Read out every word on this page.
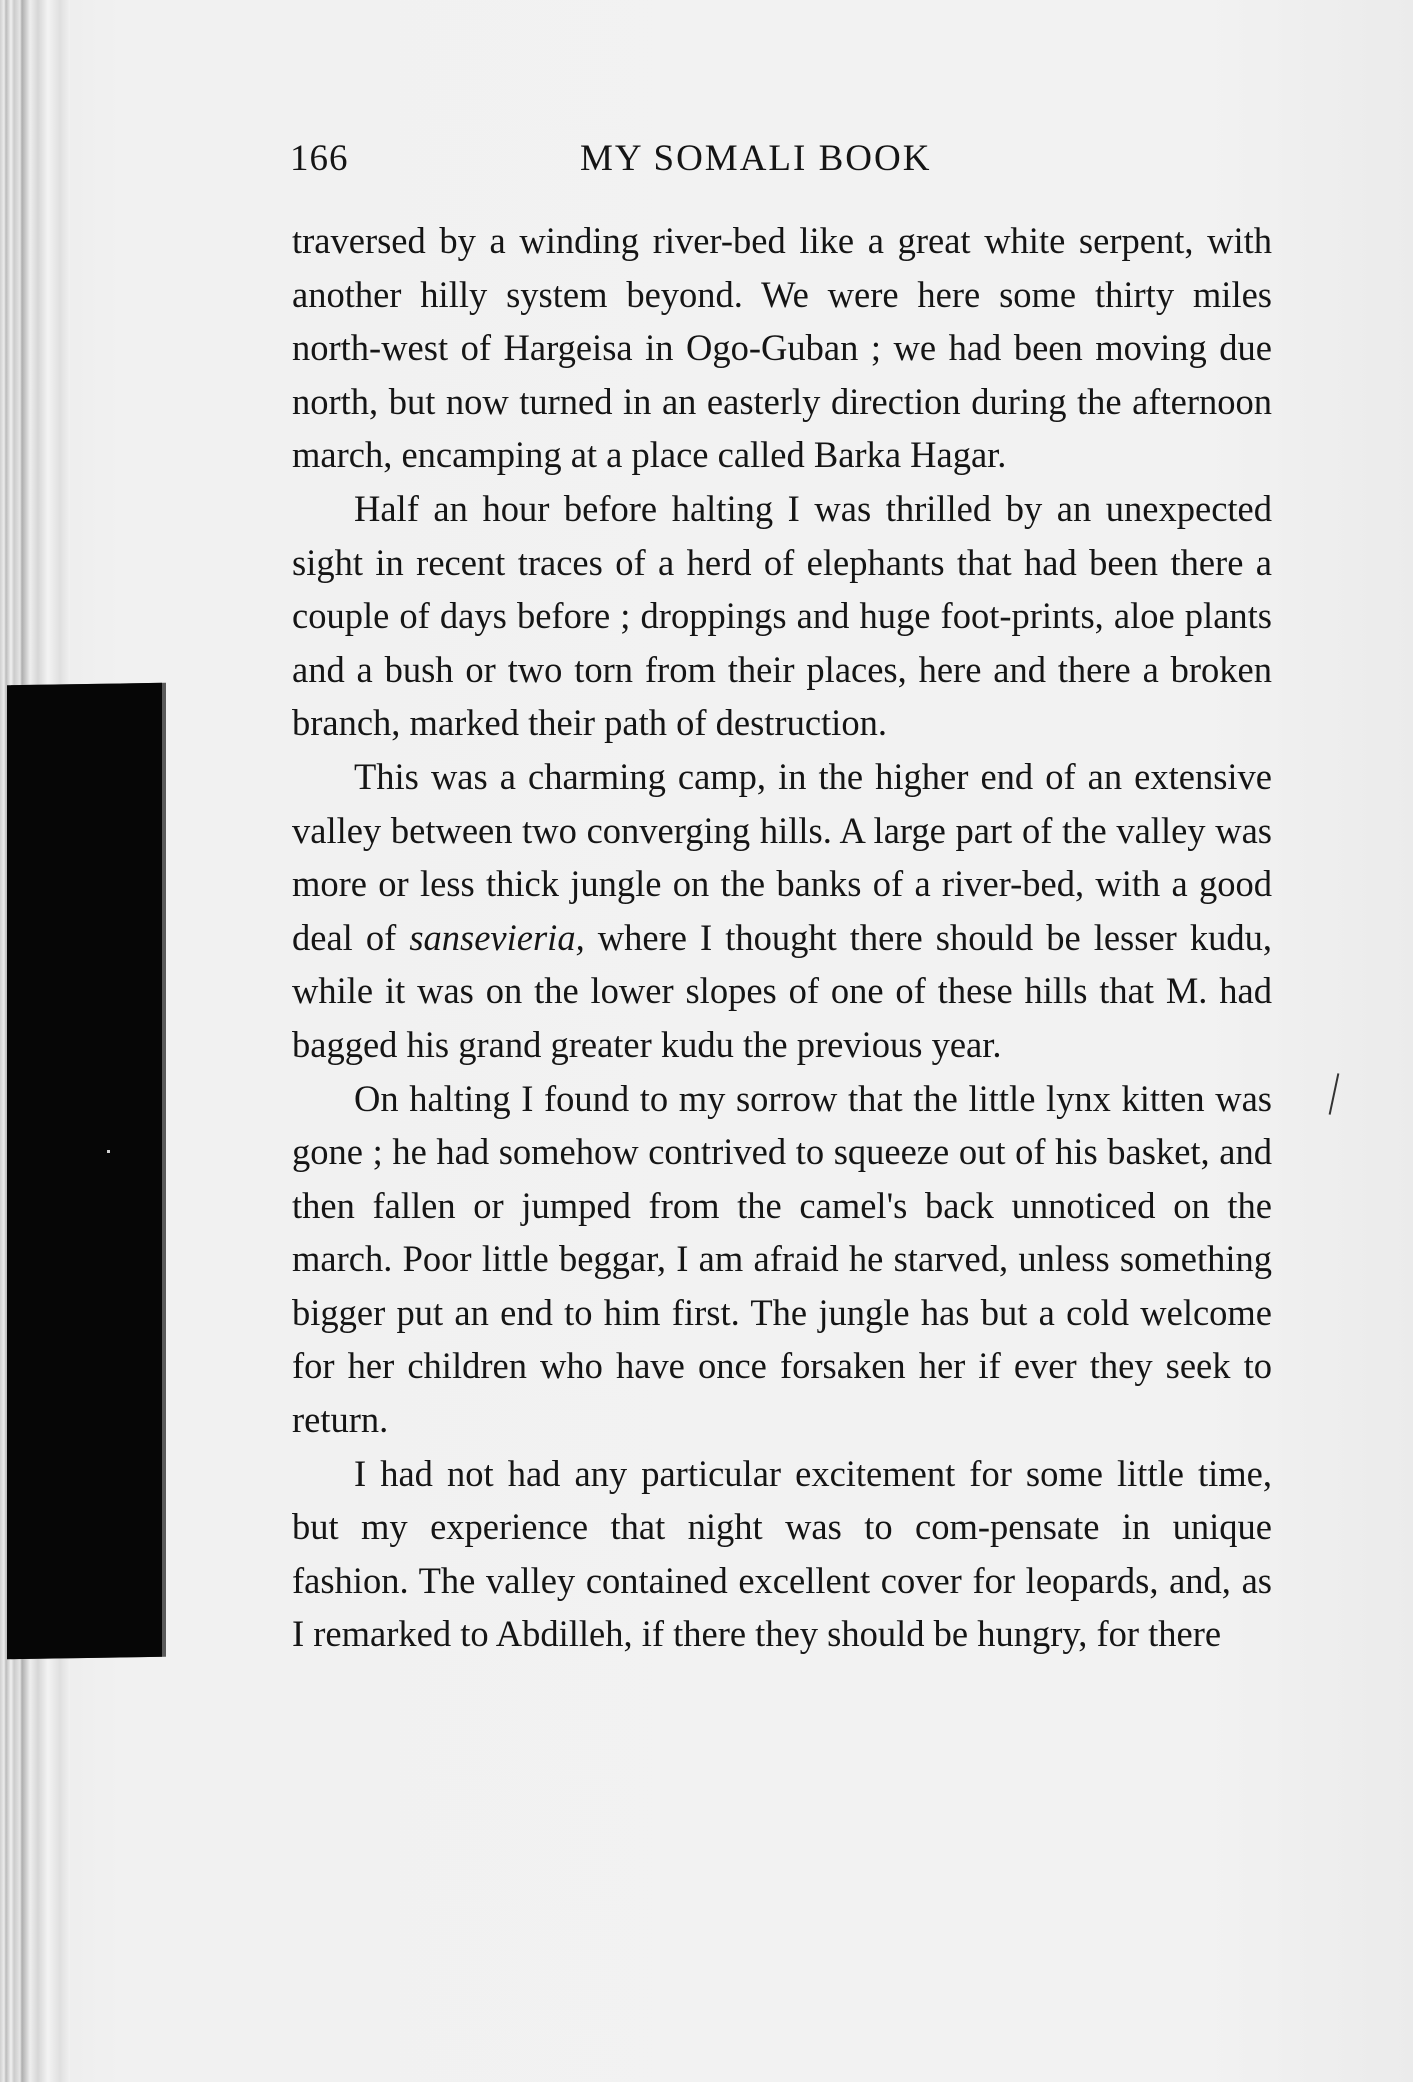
166	MY SOMALI BOOK

traversed by a winding river-bed like a great white serpent, with another hilly system beyond. We were here some thirty miles north-west of Hargeisa in Ogo-Guban ; we had been moving due north, but now turned in an easterly direction during the afternoon march, encamping at a place called Barka Hagar.

Half an hour before halting I was thrilled by an unexpected sight in recent traces of a herd of elephants that had been there a couple of days before ; droppings and huge foot-prints, aloe plants and a bush or two torn from their places, here and there a broken branch, marked their path of destruction.

This was a charming camp, in the higher end of an extensive valley between two converging hills. A large part of the valley was more or less thick jungle on the banks of a river-bed, with a good deal of sansevieria, where I thought there should be lesser kudu, while it was on the lower slopes of one of these hills that M. had bagged his grand greater kudu the previous year.

On halting I found to my sorrow that the little lynx kitten was gone ; he had somehow contrived to squeeze out of his basket, and then fallen or jumped from the camel's back unnoticed on the march. Poor little beggar, I am afraid he starved, unless something bigger put an end to him first. The jungle has but a cold welcome for her children who have once forsaken her if ever they seek to return.

I had not had any particular excitement for some little time, but my experience that night was to com-pensate in unique fashion. The valley contained excellent cover for leopards, and, as I remarked to Abdilleh, if there they should be hungry, for there
